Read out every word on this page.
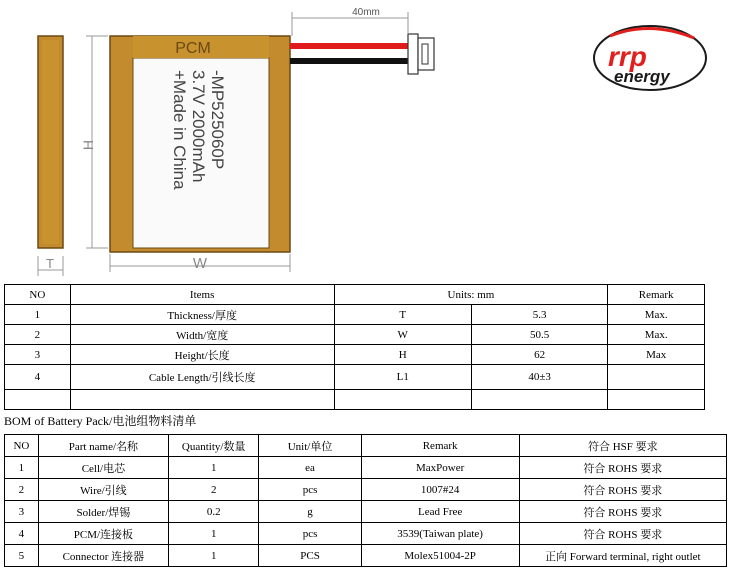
T
H
PCM
-MP525060P
3.7V 2000mAh
+Made in China
W
40mm
rrp
energy
NO	Items	Units: mm		Remark
1	Thickness/厚度	T	5.3	Max.
2	Width/宽度	W	50.5	Max.
3	Height/长度	H	62	Max
4	Cable Length/引线长度	L1	40±3	

BOM of Battery Pack/电池组物料清单
NO	Part name/名称	Quantity/数量	Unit/单位	Remark	符合 HSF 要求
1	Cell/电芯	1	ea	MaxPower	符合 ROHS 要求
2	Wire/引线	2	pcs	1007#24	符合 ROHS 要求
3	Solder/焊锡	0.2	g	Lead Free	符合 ROHS 要求
4	PCM/连接板	1	pcs	3539(Taiwan plate)	符合 ROHS 要求
5	Connector 连接器	1	PCS	Molex51004-2P	正向 Forward terminal, right outlet
